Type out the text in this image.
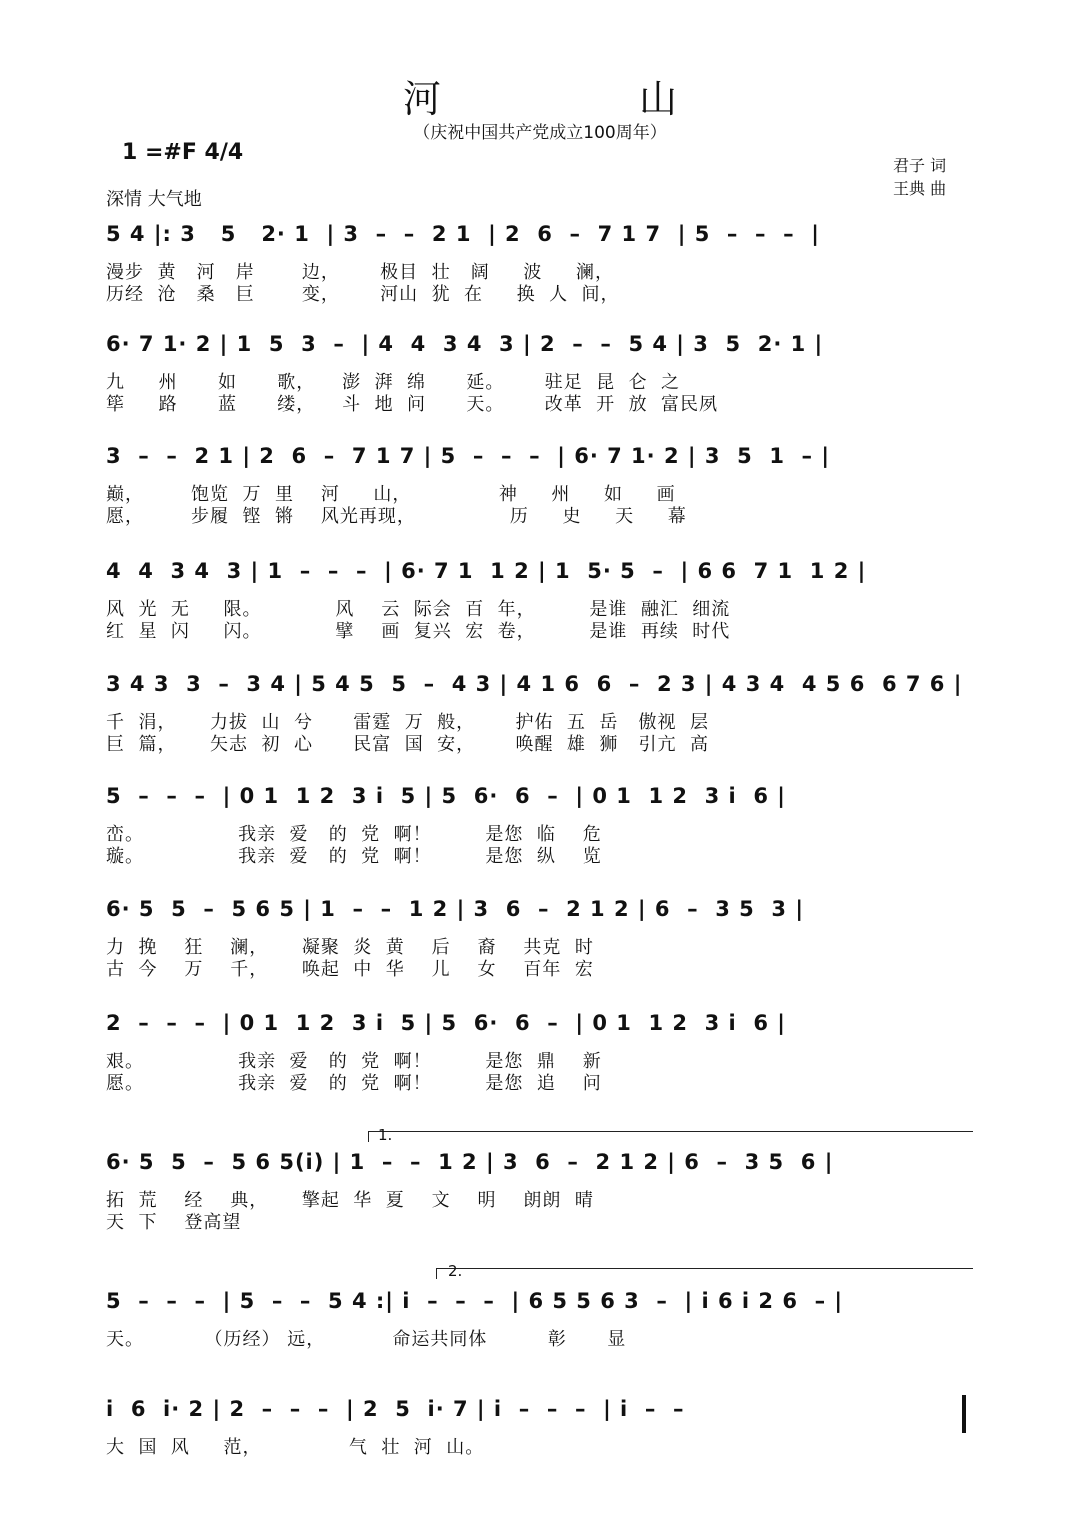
河　山
（庆祝中国共产党成立100周年）
1 =#F 4/4
深情 大气地
君子 词
王典 曲
5 4 |: 3   5   2· 1  | 3  –  –  2 1  | 2  6  –  7 1 7  | 5  –  –  –  |
漫步  黄   河   岸       边，      极目  壮   阔     波     澜，
历经  沧   桑   巨       变，      河山  犹  在     换  人  间，
6· 7 1· 2 | 1  5  3  –  | 4  4  3 4  3 | 2  –  –  5 4 | 3  5  2· 1 |
九     州      如      歌，    澎  湃  绵      延。      驻足  昆  仑  之
筚     路      蓝      缕，    斗  地  问      天。      改革  开  放  富民夙
3  –  –  2 1 | 2  6  –  7 1 7 | 5  –  –  –  | 6· 7 1· 2 | 3  5  1  – |
巅，       饱览  万  里    河     山，             神     州     如     画
愿，       步履  铿  锵    风光再现，              历     史     天     幕
4  4  3 4  3 | 1  –  –  –  | 6· 7 1  1 2 | 1  5· 5  –  | 6 6  7 1  1 2 |
风  光  无     限。           风    云  际会  百  年，        是谁  融汇  细流
红  星  闪     闪。           擘    画  复兴  宏  卷，        是谁  再续  时代
3 4 3  3  –  3 4 | 5 4 5  5  –  4 3 | 4 1 6  6  –  2 3 | 4 3 4  4 5 6  6 7 6 |
千  涓，     力拔  山  兮      雷霆  万  般，      护佑  五  岳   傲视  层
巨  篇，     矢志  初  心      民富  国  安，      唤醒  雄  狮   引亢  高
5  –  –  –  | 0 1  1 2  3 i  5 | 5  6·  6  –  | 0 1  1 2  3 i  6 |
峦。              我亲  爱   的  党  啊！        是您  临    危
璇。              我亲  爱   的  党  啊！        是您  纵    览
6· 5  5  –  5 6 5 | 1  –  –  1 2 | 3  6  –  2 1 2 | 6  –  3 5  3 |
力  挽    狂    澜，     凝聚  炎  黄    后    裔    共克  时
古  今    万    千，     唤起  中  华    儿    女    百年  宏
2  –  –  –  | 0 1  1 2  3 i  5 | 5  6·  6  –  | 0 1  1 2  3 i  6 |
艰。              我亲  爱   的  党  啊！        是您  鼎    新
愿。              我亲  爱   的  党  啊！        是您  追    问
1.
6· 5  5  –  5 6 5(i) | 1  –  –  1 2 | 3  6  –  2 1 2 | 6  –  3 5  6 |
拓  荒    经    典，     擎起  华  夏    文    明    朗朗  晴
天  下    登高望
2.
5  –  –  –  | 5  –  –  5 4 :| i  –  –  –  | 6 5 5 6 3  –  | i 6 i 2 6  – |
天。         （历经） 远，          命运共同体         彰      显
i  6  i· 2 | 2  –  –  –  | 2  5  i· 7 | i  –  –  –  | i  –  –
大  国  风     范，             气  壮  河  山。
